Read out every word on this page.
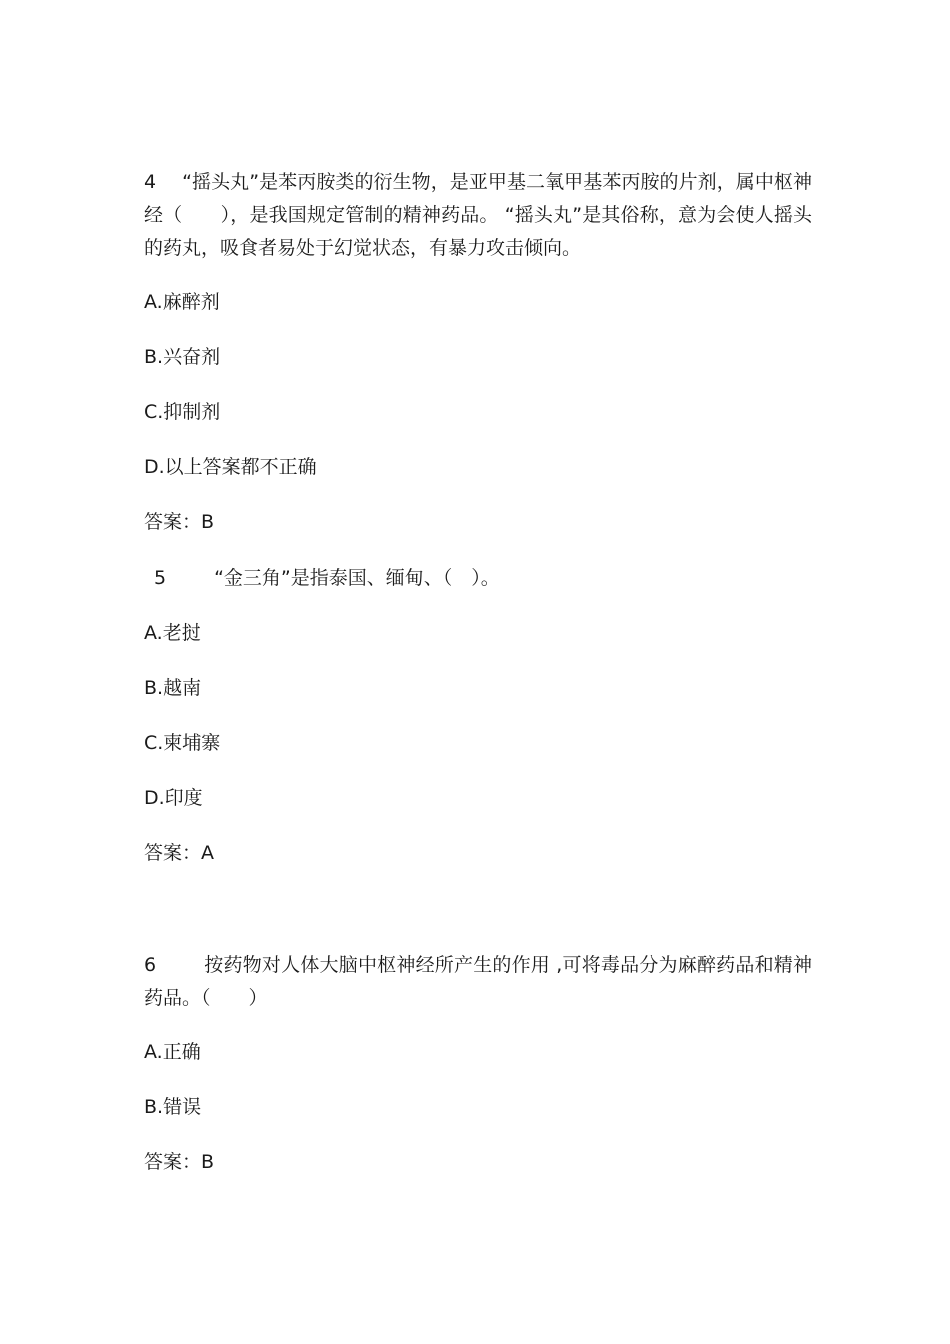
4 “摇头丸”是苯丙胺类的衍生物，是亚甲基二氧甲基苯丙胺的片剂，属中枢神经（　　），是我国规定管制的精神药品。 “摇头丸”是其俗称，意为会使人摇头的药丸，吸食者易处于幻觉状态，有暴力攻击倾向。
A.麻醉剂
B.兴奋剂
C.抑制剂
D.以上答案都不正确
答案：B
5	“金三角”是指泰国、缅甸、（　）。
A.老挝
B.越南
C.柬埔寨
D.印度
答案：A
6	按药物对人体大脑中枢神经所产生的作用 ,可将毒品分为麻醉药品和精神药品。（　　）
A.正确
B.错误
答案：B
